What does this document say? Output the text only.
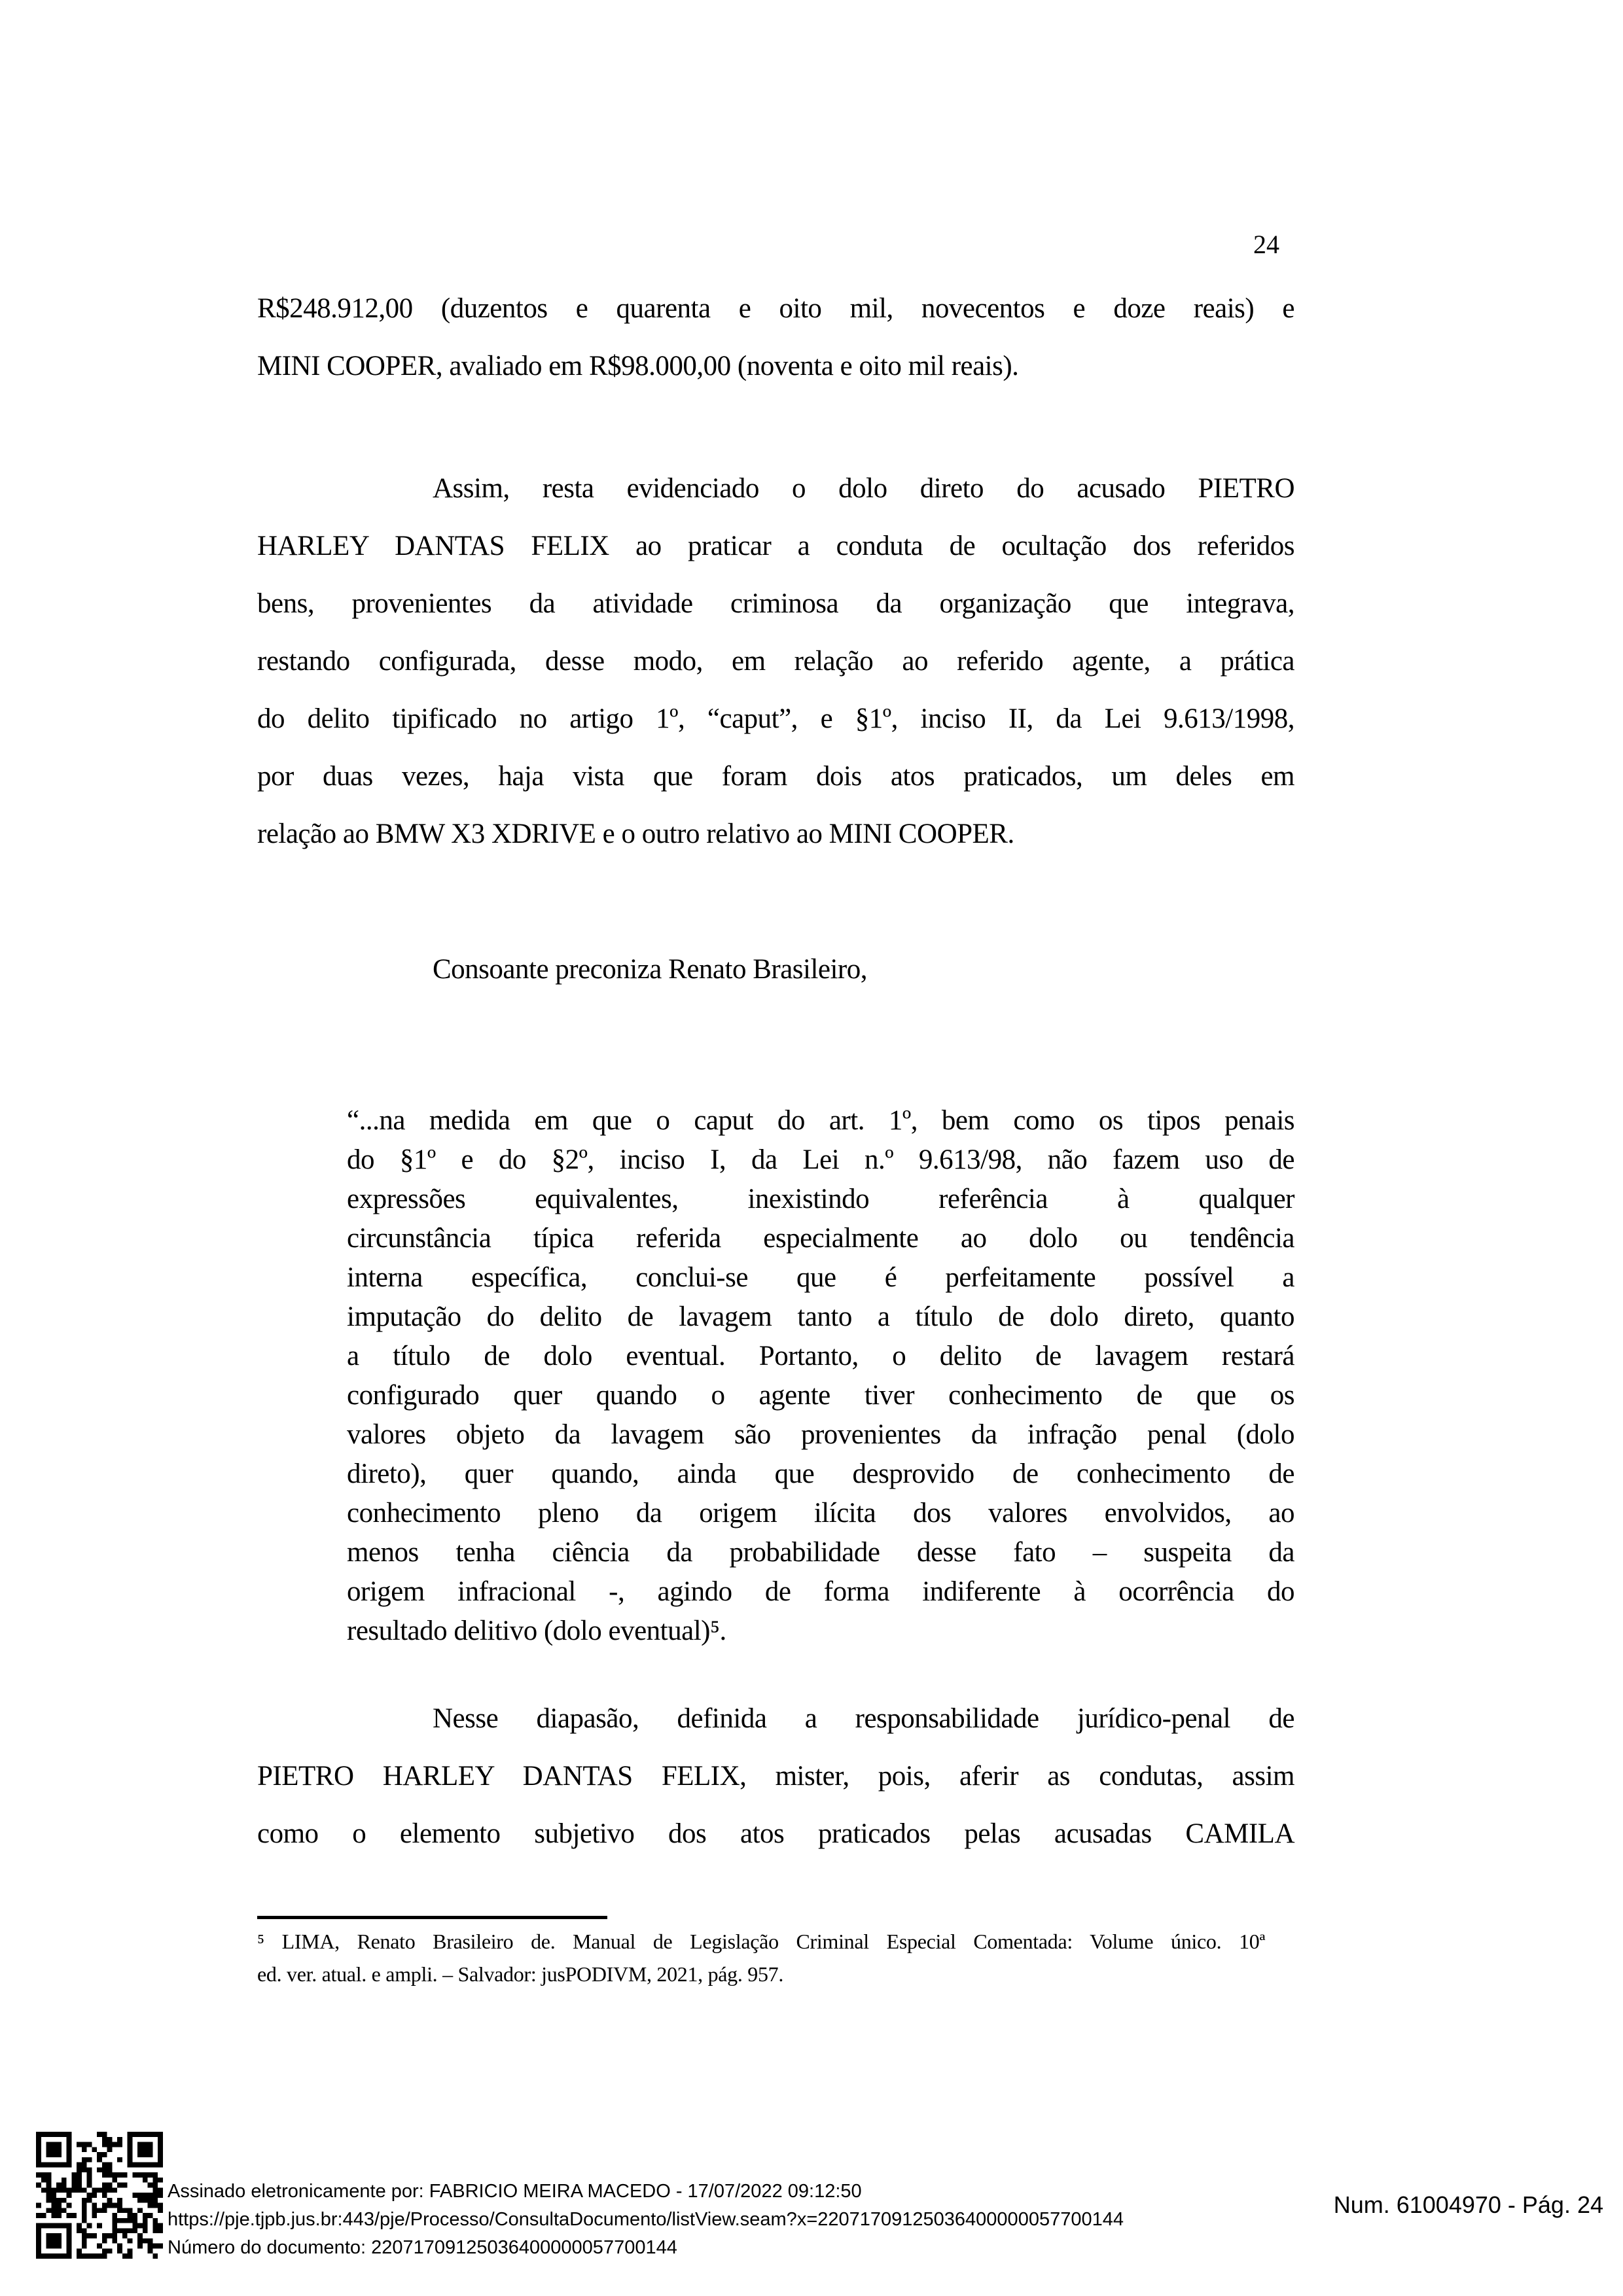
24
R$248.912,00 (duzentos e quarenta e oito mil, novecentos e doze reais) e
MINI COOPER, avaliado em R$98.000,00 (noventa e oito mil reais).
Assim, resta evidenciado o dolo direto do acusado PIETRO
HARLEY DANTAS FELIX ao praticar a conduta de ocultação dos referidos
bens, provenientes da atividade criminosa da organização que integrava,
restando configurada, desse modo, em relação ao referido agente, a prática
do delito tipificado no artigo 1º, “caput”, e §1º, inciso II, da Lei 9.613/1998,
por duas vezes, haja vista que foram dois atos praticados, um deles em
relação ao BMW X3 XDRIVE e o outro relativo ao MINI COOPER.
Consoante preconiza Renato Brasileiro,
“...na medida em que o caput do art. 1º, bem como os tipos penais
do §1º e do §2º, inciso I, da Lei n.º 9.613/98, não fazem uso de
expressões equivalentes, inexistindo referência à qualquer
circunstância típica referida especialmente ao dolo ou tendência
interna específica, conclui-se que é perfeitamente possível a
imputação do delito de lavagem tanto a título de dolo direto, quanto
a título de dolo eventual. Portanto, o delito de lavagem restará
configurado quer quando o agente tiver conhecimento de que os
valores objeto da lavagem são provenientes da infração penal (dolo
direto), quer quando, ainda que desprovido de conhecimento de
conhecimento pleno da origem ilícita dos valores envolvidos, ao
menos tenha ciência da probabilidade desse fato – suspeita da
origem infracional -, agindo de forma indiferente à ocorrência do
resultado delitivo (dolo eventual)⁵.
Nesse diapasão, definida a responsabilidade jurídico-penal de
PIETRO HARLEY DANTAS FELIX, mister, pois, aferir as condutas, assim
como o elemento subjetivo dos atos praticados pelas acusadas CAMILA
⁵ LIMA, Renato Brasileiro de. Manual de Legislação Criminal Especial Comentada: Volume único. 10ª
ed. ver. atual. e ampli. – Salvador: jusPODIVM, 2021, pág. 957.
Assinado eletronicamente por: FABRICIO MEIRA MACEDO - 17/07/2022 09:12:50
https://pje.tjpb.jus.br:443/pje/Processo/ConsultaDocumento/listView.seam?x=22071709125036400000057700144
Número do documento: 22071709125036400000057700144
Num. 61004970 - Pág. 24
